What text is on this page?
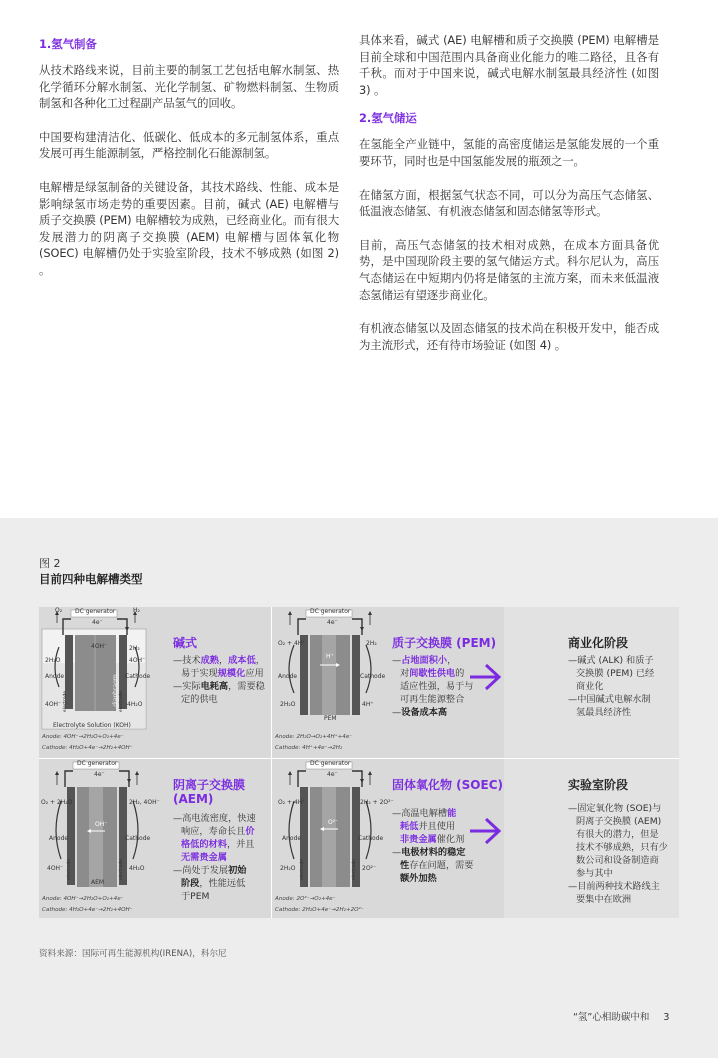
1.氢气制备

从技术路线来说，目前主要的制氢工艺包括电解水制氢、热化学循环分解水制氢、光化学制氢、矿物燃料制氢、生物质制氢和各种化工过程副产品氢气的回收。

中国要构建清洁化、低碳化、低成本的多元制氢体系，重点发展可再生能源制氢，严格控制化石能源制氢。

电解槽是绿氢制备的关键设备，其技术路线、性能、成本是影响绿氢市场走势的重要因素。目前，碱式 (AE) 电解槽与质子交换膜 (PEM) 电解槽较为成熟，已经商业化。而有很大发展潜力的阴离子交换膜 (AEM) 电解槽与固体氧化物 (SOEC) 电解槽仍处于实验室阶段，技术不够成熟 (如图 2) 。

具体来看，碱式 (AE) 电解槽和质子交换膜 (PEM) 电解槽是目前全球和中国范围内具备商业化能力的唯二路径，且各有千秋。而对于中国来说，碱式电解水制氢最具经济性 (如图3) 。

2.氢气储运

在氢能全产业链中，氢能的高密度储运是氢能发展的一个重要环节，同时也是中国氢能发展的瓶颈之一。

在储氢方面，根据氢气状态不同，可以分为高压气态储氢、低温液态储氢、有机液态储氢和固态储氢等形式。

目前，高压气态储氢的技术相对成熟，在成本方面具备优势，是中国现阶段主要的氢气储运方式。科尔尼认为，高压气态储运在中短期内仍将是储氢的主流方案，而未来低温液态氢储运有望逐步商业化。

有机液态储氢以及固态储氢的技术尚在积极开发中，能否成为主流形式，还有待市场验证 (如图 4) 。

图 2
目前四种电解槽类型
DC generator
4e⁻
O₂	H₂
2H₂O
4OH⁻
4OH⁻
2H₂
Anode	Cathode
diaphragm
4OH⁻	4H₂O
electrode	electrode
Electrolyte Solution (KOH)
Anode: 4OH⁻→2H₂O+O₂+4e⁻
Cathode: 4H₂O+4e⁻→2H₂+4OH⁻
碱式
—技术成熟，成本低，
易于实现规模化应用
—实际电耗高，需要稳
定的供电
DC generator
4e⁻
O₂ + 4H⁺	2H₂
H⁺
Anode	Cathode
2H₂O	4H⁺
PEM
Anode: 2H₂O→O₂+4H⁺+4e⁻
Cathode: 4H⁺+4e⁻→2H₂
质子交换膜 (PEM)
—占地面积小，
对间歇性供电的
适应性强，易于与
可再生能源整合
—设备成本高
商业化阶段
—碱式 (ALK) 和质子
交换膜 (PEM) 已经
商业化
—中国碱式电解水制
氢最具经济性
DC generator
4e⁻
O₂ + 2H₂O	2H₂, 4OH⁻
OH⁻
Anode	Cathode
4OH⁻	4H₂O
AEM
electrode	electrode
Anode: 4OH⁻→2H₂O+O₂+4e⁻
Cathode: 4H₂O+4e⁻→2H₂+4OH⁻
阴离子交换膜
(AEM)
—高电流密度，快速
响应，寿命长且价
格低的材料，并且
无需贵金属
—尚处于发展初始
阶段，性能远低
于PEM
DC generator
4e⁻
O₂ + 4H⁺	2H₂ + 2O²⁻
O²⁻
Anode	Cathode
2H₂O	2O²⁻
electrode	electrode
Anode: 2O²⁻→O₂+4e⁻
Cathode: 2H₂O+4e⁻→2H₂+2O²⁻
固体氧化物 (SOEC)
—高温电解槽能
耗低并且使用
非贵金属催化剂
—电极材料的稳定
性存在问题，需要
额外加热
实验室阶段
—固定氧化物 (SOE)与
阴离子交换膜 (AEM)
有很大的潜力，但是
技术不够成熟，只有少
数公司和设备制造商
参与其中
—目前两种技术路线主
要集中在欧洲
资料来源：国际可再生能源机构(IRENA)，科尔尼
“氢”心相助碳中和 3
